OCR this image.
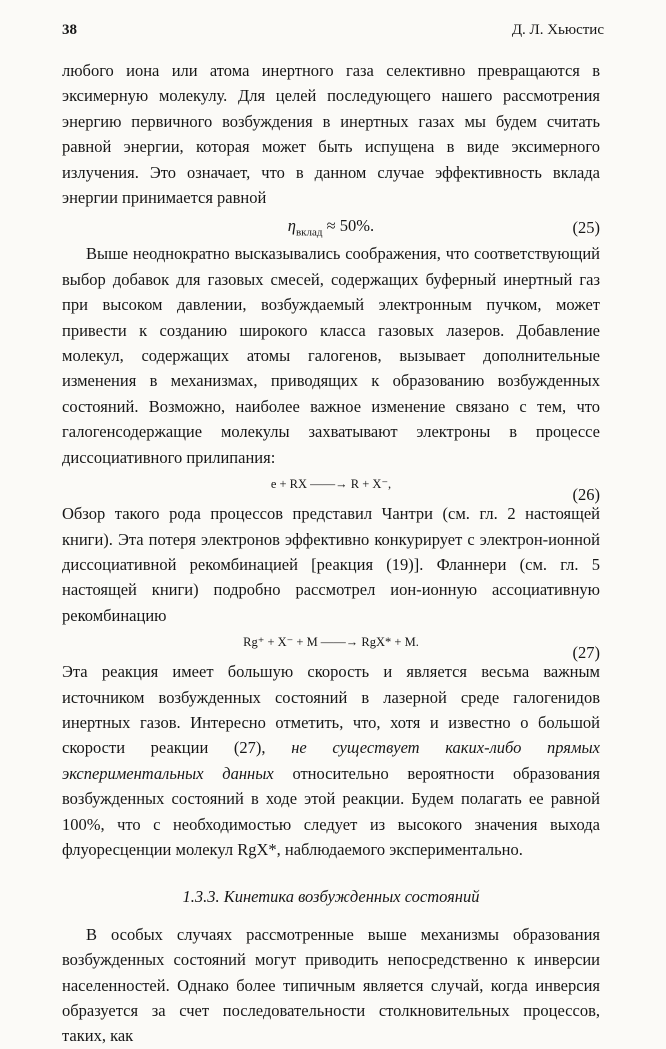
38	Д. Л. Хьюстис

любого иона или атома инертного газа селективно превращаются в эксимерную молекулу. Для целей последующего нашего рассмотрения энергию первичного возбуждения в инертных газах мы будем считать равной энергии, которая может быть испущена в виде эксимерного излучения. Это означает, что в данном случае эффективность вклада энергии принимается равной

$\eta_{вклад} \approx 50\%$.	(25)

Выше неоднократно высказывались соображения, что соответствующий выбор добавок для газовых смесей, содержащих буферный инертный газ при высоком давлении, возбуждаемый электронным пучком, может привести к созданию широкого класса газовых лазеров. Добавление молекул, содержащих атомы галогенов, вызывает дополнительные изменения в механизмах, приводящих к образованию возбужденных состояний. Возможно, наиболее важное изменение связано с тем, что галогенсодержащие молекулы захватывают электроны в процессе диссоциативного прилипания:

e + RX ——→ R + X⁻,
(26)

Обзор такого рода процессов представил Чантри (см. гл. 2 настоящей книги). Эта потеря электронов эффективно конкурирует с электрон-ионной диссоциативной рекомбинацией [реакция (19)]. Фланнери (см. гл. 5 настоящей книги) подробно рассмотрел ион-ионную ассоциативную рекомбинацию

Rg⁺ + X⁻ + M ——→ RgX* + M.
(27)

Эта реакция имеет большую скорость и является весьма важным источником возбужденных состояний в лазерной среде галогенидов инертных газов. Интересно отметить, что, хотя и известно о большой скорости реакции (27), не существует каких-либо прямых экспериментальных данных относительно вероятности образования возбужденных состояний в ходе этой реакции. Будем полагать ее равной 100%, что с необходимостью следует из высокого значения выхода флуоресценции молекул RgX*, наблюдаемого экспериментально.

1.3.3. Кинетика возбужденных состояний

В особых случаях рассмотренные выше механизмы образования возбужденных состояний могут приводить непосредственно к инверсии населенностей. Однако более типичным является случай, когда инверсия образуется за счет последовательности столкновительных процессов, таких, как
